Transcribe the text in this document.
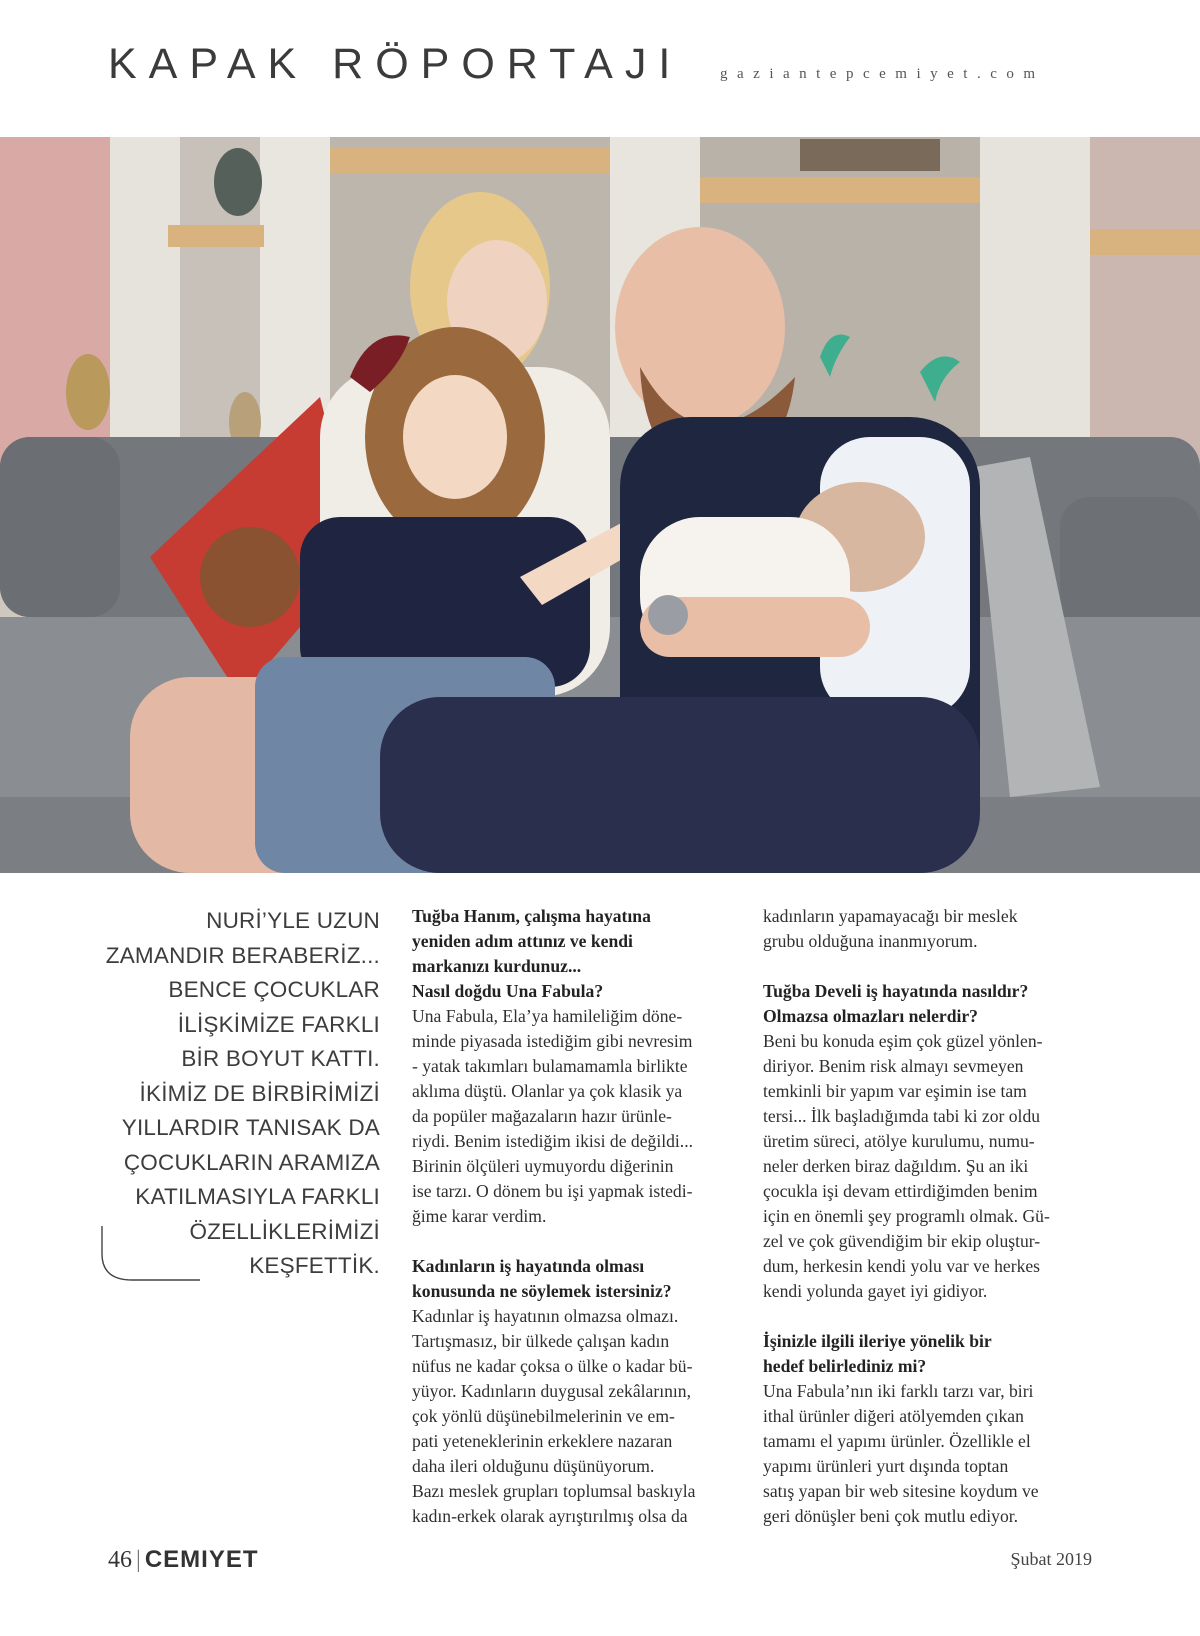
KAPAK RÖPORTAJI	gaziantepcemiyet.com
NURİ’YLE UZUN
ZAMANDIR BERABERİZ...
BENCE ÇOCUKLAR
İLİŞKİMİZE FARKLI
BİR BOYUT KATTI.
İKİMİZ DE BİRBİRİMİZİ
YILLARDIR TANISAK DA
ÇOCUKLARIN ARAMIZA
KATILMASIYLA FARKLI
ÖZELLİKLERİMİZİ
KEŞFETTİK.

Tuğba Hanım, çalışma hayatına

yeniden adım attınız ve kendi

markanızı kurdunuz...

Nasıl doğdu Una Fabula?

Una Fabula, Ela’ya hamileliğim döne-

minde piyasada istediğim gibi nevresim

- yatak takımları bulamamamla birlikte

aklıma düştü. Olanlar ya çok klasik ya

da popüler mağazaların hazır ürünle-

riydi. Benim istediğim ikisi de değildi...

Birinin ölçüleri uymuyordu diğerinin

ise tarzı. O dönem bu işi yapmak istedi-

ğime karar verdim.

Kadınların iş hayatında olması

konusunda ne söylemek istersiniz?

Kadınlar iş hayatının olmazsa olmazı.

Tartışmasız, bir ülkede çalışan kadın

nüfus ne kadar çoksa o ülke o kadar bü-

yüyor. Kadınların duygusal zekâlarının,

çok yönlü düşünebilmelerinin ve em-

pati yeteneklerinin erkeklere nazaran

daha ileri olduğunu düşünüyorum.

Bazı meslek grupları toplumsal baskıyla

kadın-erkek olarak ayrıştırılmış olsa da

kadınların yapamayacağı bir meslek

grubu olduğuna inanmıyorum.

Tuğba Develi iş hayatında nasıldır?

Olmazsa olmazları nelerdir?

Beni bu konuda eşim çok güzel yönlen-

diriyor. Benim risk almayı sevmeyen

temkinli bir yapım var eşimin ise tam

tersi... İlk başladığımda tabi ki zor oldu

üretim süreci, atölye kurulumu, numu-

neler derken biraz dağıldım. Şu an iki

çocukla işi devam ettirdiğimden benim

için en önemli şey programlı olmak. Gü-

zel ve çok güvendiğim bir ekip oluştur-

dum, herkesin kendi yolu var ve herkes

kendi yolunda gayet iyi gidiyor.

İşinizle ilgili ileriye yönelik bir

hedef belirlediniz mi?

Una Fabula’nın iki farklı tarzı var, biri

ithal ürünler diğeri atölyemden çıkan

tamamı el yapımı ürünler. Özellikle el

yapımı ürünleri yurt dışında toptan

satış yapan bir web sitesine koydum ve

geri dönüşler beni çok mutlu ediyor.

46 | CEMIYET	Şubat 2019
